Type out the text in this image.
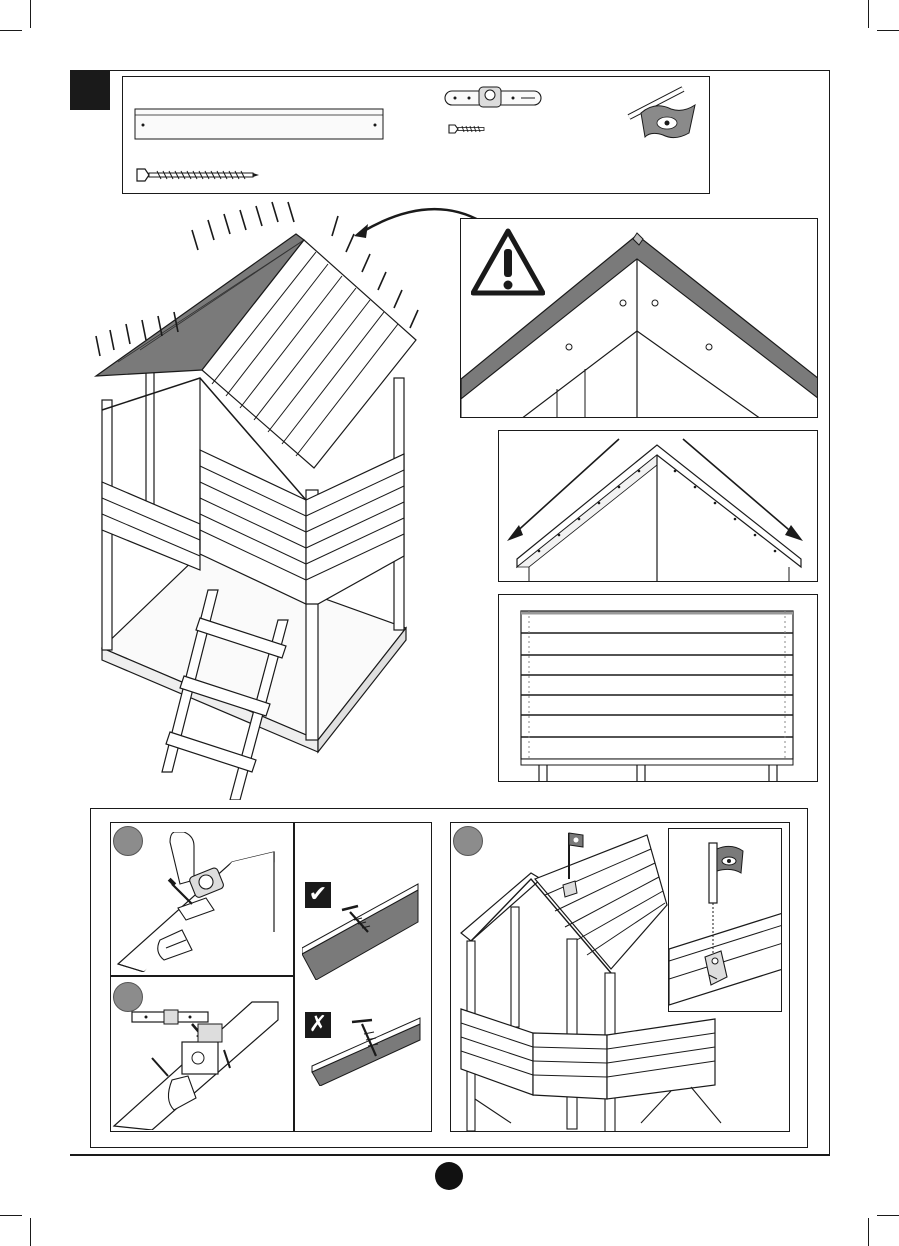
✔
✗
